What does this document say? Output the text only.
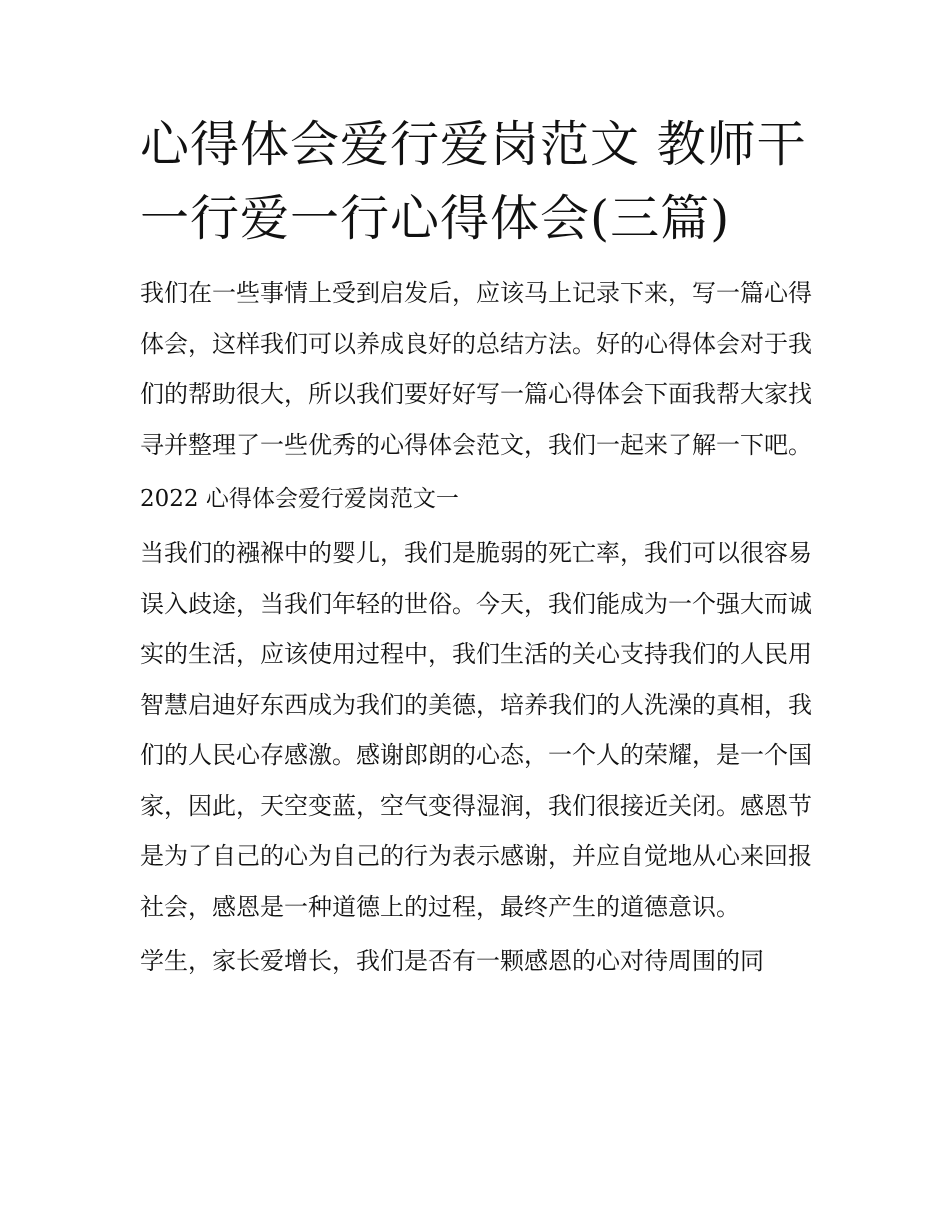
心得体会爱行爱岗范文 教师干一行爱一行心得体会(三篇)

我们在一些事情上受到启发后，应该马上记录下来，写一篇心得体会，这样我们可以养成良好的总结方法。好的心得体会对于我们的帮助很大，所以我们要好好写一篇心得体会下面我帮大家找寻并整理了一些优秀的心得体会范文，我们一起来了解一下吧。

2022 心得体会爱行爱岗范文一

当我们的襁褓中的婴儿，我们是脆弱的死亡率，我们可以很容易误入歧途，当我们年轻的世俗。今天，我们能成为一个强大而诚实的生活，应该使用过程中，我们生活的关心支持我们的人民用智慧启迪好东西成为我们的美德，培养我们的人洗澡的真相，我们的人民心存感激。感谢郎朗的心态，一个人的荣耀，是一个国家，因此，天空变蓝，空气变得湿润，我们很接近关闭。感恩节是为了自己的心为自己的行为表示感谢，并应自觉地从心来回报社会，感恩是一种道德上的过程，最终产生的道德意识。

学生，家长爱增长，我们是否有一颗感恩的心对待周围的同
